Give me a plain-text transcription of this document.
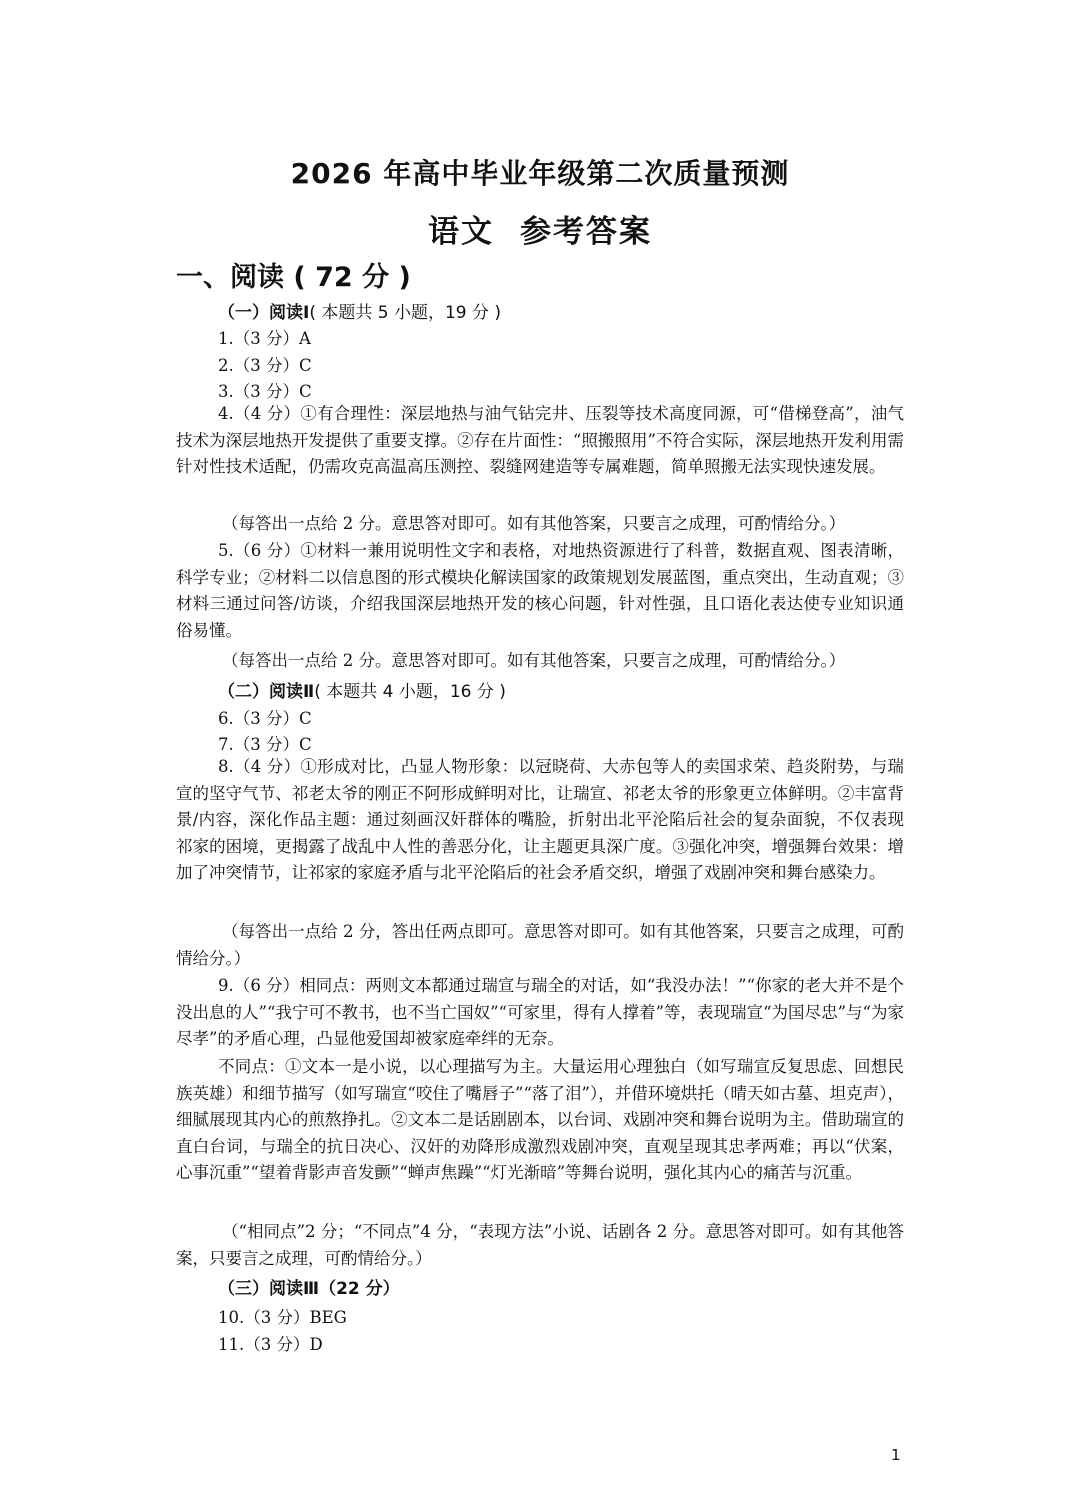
2026 年高中毕业年级第二次质量预测
语文 参考答案
一、阅读 ( 72 分 )
（一）阅读Ⅰ( 本题共 5 小题，19 分 )
1.（3 分）A
2.（3 分）C
3.（3 分）C
4.（4 分）①有合理性：深层地热与油气钻完井、压裂等技术高度同源，可“借梯登高”，油气技术为深层地热开发提供了重要支撑。②存在片面性：“照搬照用”不符合实际，深层地热开发利用需针对性技术适配，仍需攻克高温高压测控、裂缝网建造等专属难题，简单照搬无法实现快速发展。
（每答出一点给 2 分。意思答对即可。如有其他答案，只要言之成理，可酌情给分。）
5.（6 分）①材料一兼用说明性文字和表格，对地热资源进行了科普，数据直观、图表清晰，科学专业；②材料二以信息图的形式模块化解读国家的政策规划发展蓝图，重点突出，生动直观；③材料三通过问答/访谈，介绍我国深层地热开发的核心问题，针对性强，且口语化表达使专业知识通俗易懂。
（每答出一点给 2 分。意思答对即可。如有其他答案，只要言之成理，可酌情给分。）
（二）阅读Ⅱ( 本题共 4 小题，16 分 )
6.（3 分）C
7.（3 分）C
8.（4 分）①形成对比，凸显人物形象：以冠晓荷、大赤包等人的卖国求荣、趋炎附势，与瑞宣的坚守气节、祁老太爷的刚正不阿形成鲜明对比，让瑞宣、祁老太爷的形象更立体鲜明。②丰富背景/内容，深化作品主题：通过刻画汉奸群体的嘴脸，折射出北平沦陷后社会的复杂面貌，不仅表现祁家的困境，更揭露了战乱中人性的善恶分化，让主题更具深广度。③强化冲突，增强舞台效果：增加了冲突情节，让祁家的家庭矛盾与北平沦陷后的社会矛盾交织，增强了戏剧冲突和舞台感染力。
（每答出一点给 2 分，答出任两点即可。意思答对即可。如有其他答案，只要言之成理，可酌情给分。）
9.（6 分）相同点：两则文本都通过瑞宣与瑞全的对话，如“我没办法！”“你家的老大并不是个没出息的人”“我宁可不教书，也不当亡国奴”“可家里，得有人撑着”等，表现瑞宣“为国尽忠”与“为家尽孝”的矛盾心理，凸显他爱国却被家庭牵绊的无奈。
不同点：①文本一是小说，以心理描写为主。大量运用心理独白（如写瑞宣反复思虑、回想民族英雄）和细节描写（如写瑞宣“咬住了嘴唇子”“落了泪”），并借环境烘托（晴天如古墓、坦克声），细腻展现其内心的煎熬挣扎。②文本二是话剧剧本，以台词、戏剧冲突和舞台说明为主。借助瑞宣的直白台词，与瑞全的抗日决心、汉奸的劝降形成激烈戏剧冲突，直观呈现其忠孝两难；再以“伏案，心事沉重”“望着背影声音发颤”“蝉声焦躁”“灯光渐暗”等舞台说明，强化其内心的痛苦与沉重。
（“相同点”2 分；“不同点”4 分，“表现方法”小说、话剧各 2 分。意思答对即可。如有其他答案，只要言之成理，可酌情给分。）
（三）阅读Ⅲ（22 分）
10.（3 分）BEG
11.（3 分）D
1
